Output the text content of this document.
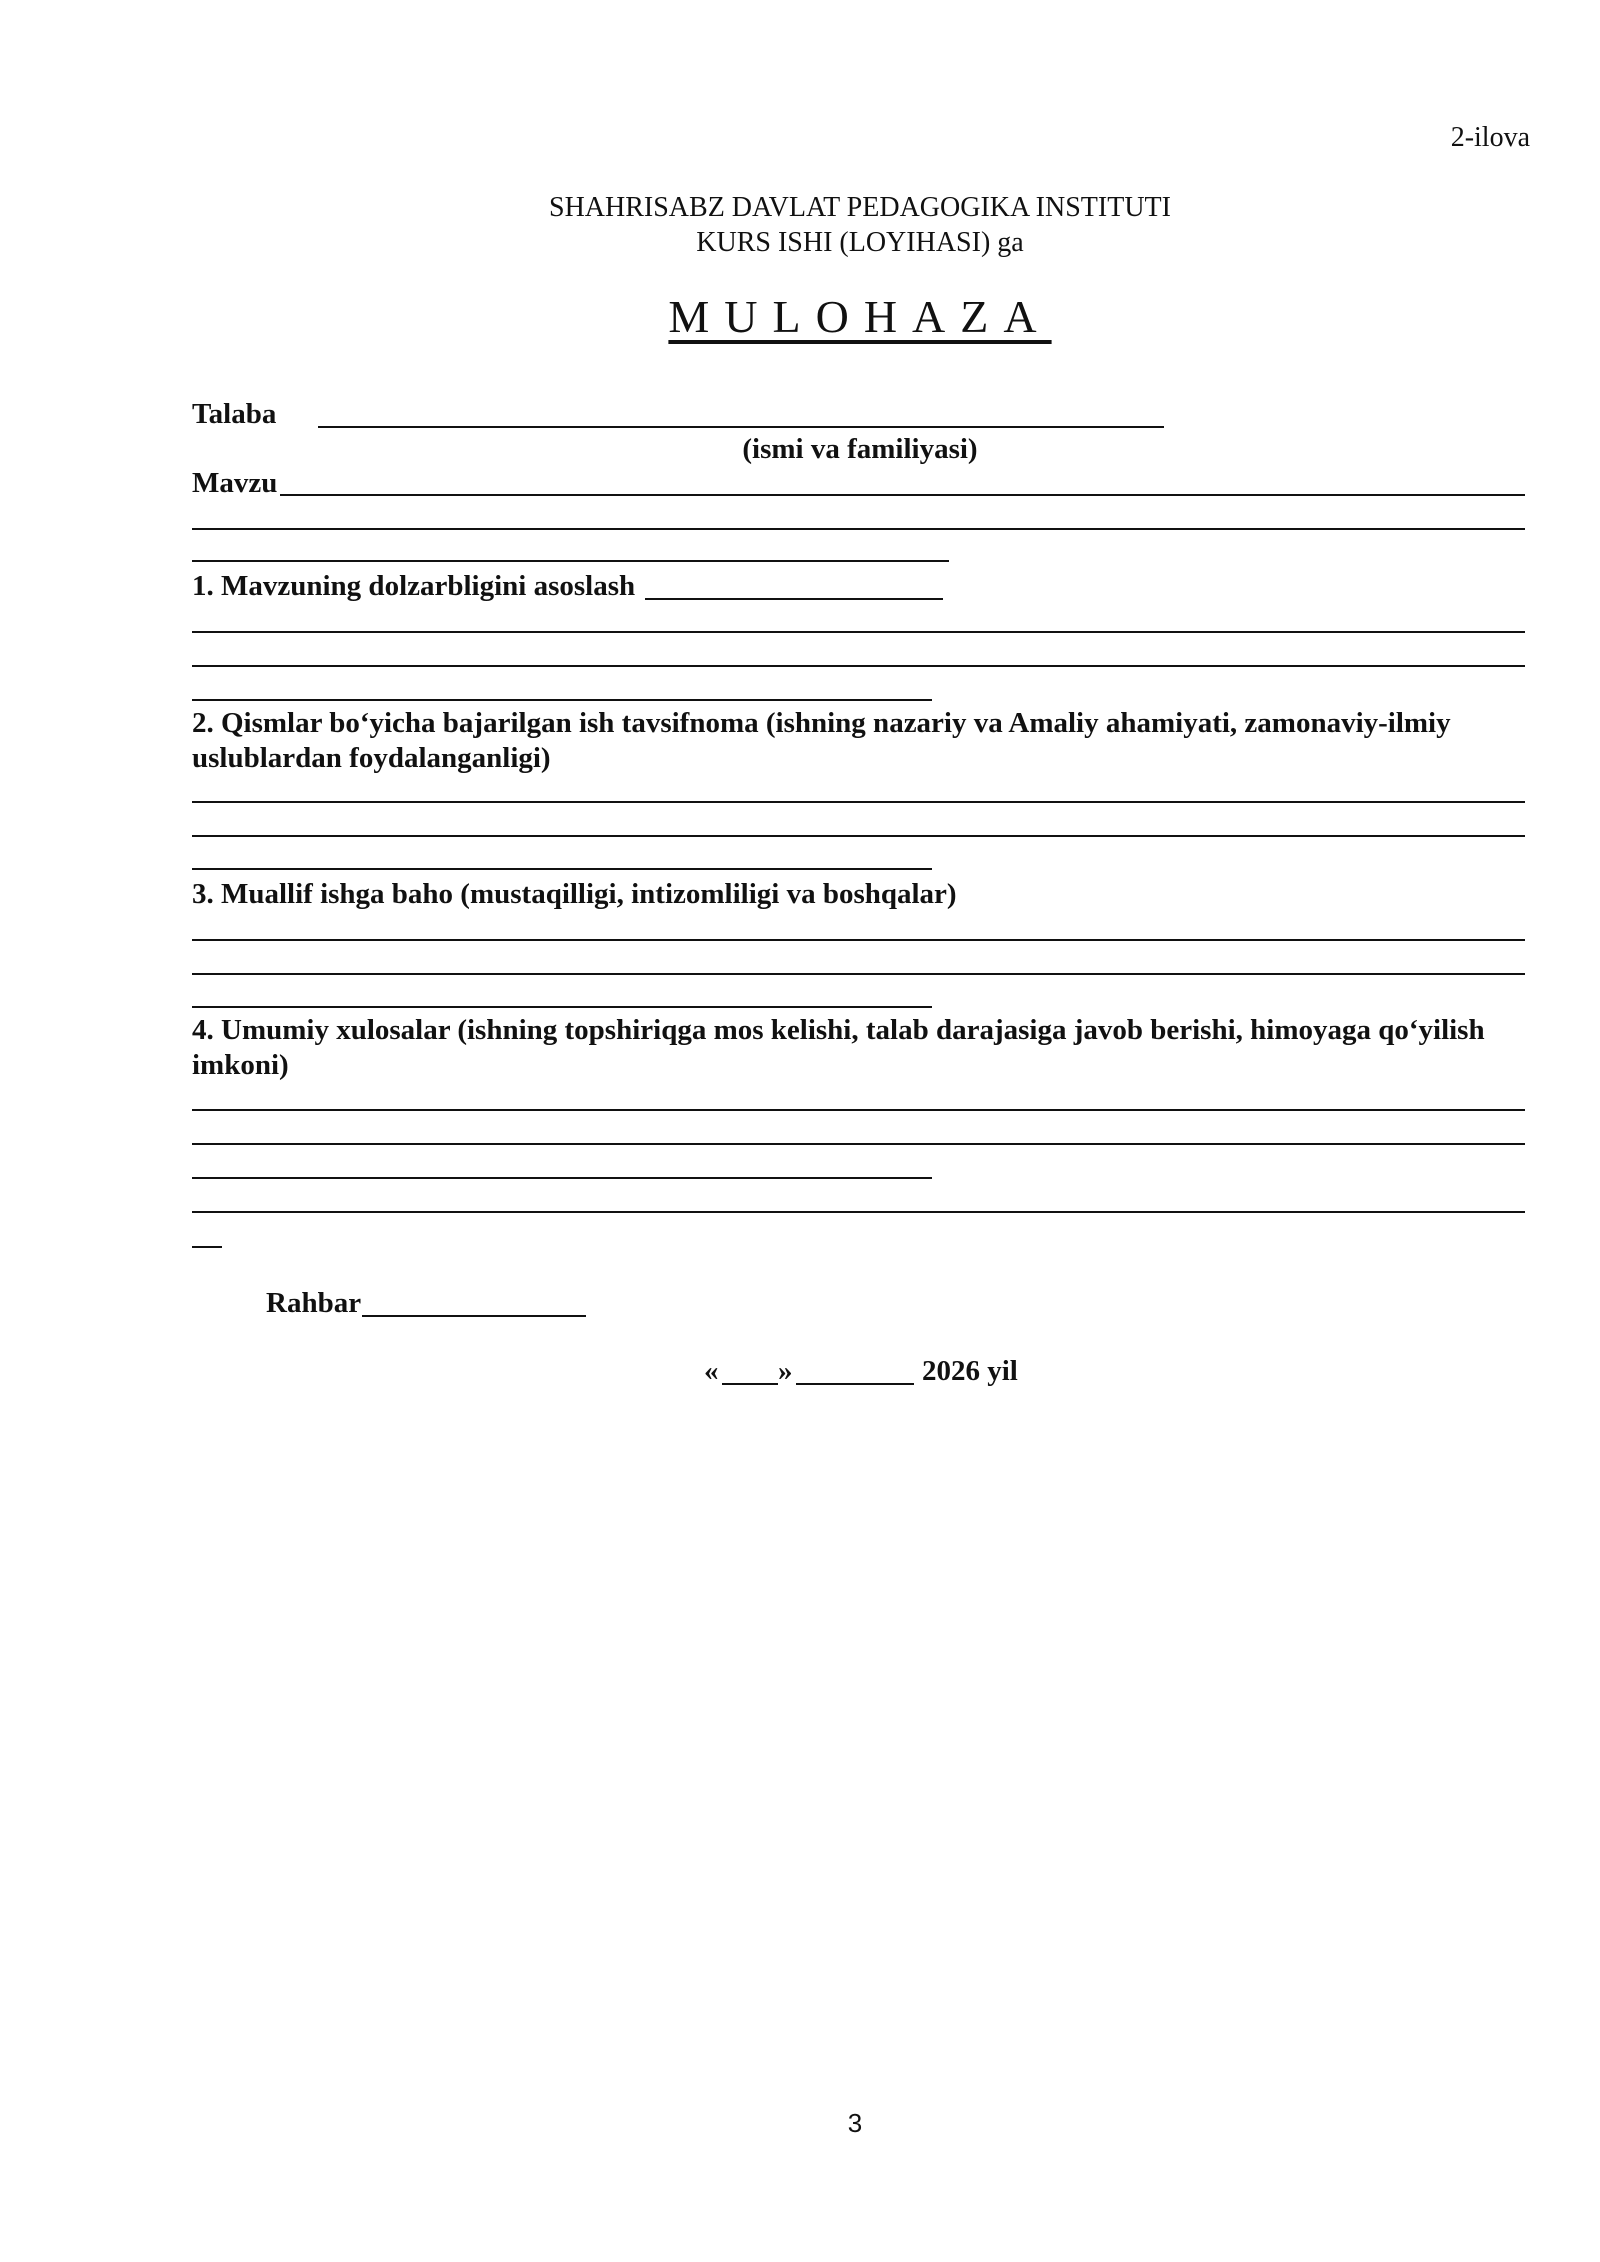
2-ilova
SHAHRISABZ DAVLAT PEDAGOGIKA INSTITUTI
KURS ISHI (LOYIHASI) ga
MULOHAZA
Talaba
(ismi va familiyasi)
Mavzu
1. Mavzuning dolzarbligini asoslash
2. Qismlar bo‘yicha bajarilgan ish tavsifnoma (ishning nazariy va Amaliy ahamiyati, zamonaviy-ilmiy uslublardan foydalanganligi)
3. Muallif ishga baho (mustaqilligi, intizomliligi va boshqalar)
4. Umumiy xulosalar (ishning topshiriqga mos kelishi, talab darajasiga javob berishi, himoyaga qo‘yilish imkoni)
Rahbar
« »	2026 yil
3
